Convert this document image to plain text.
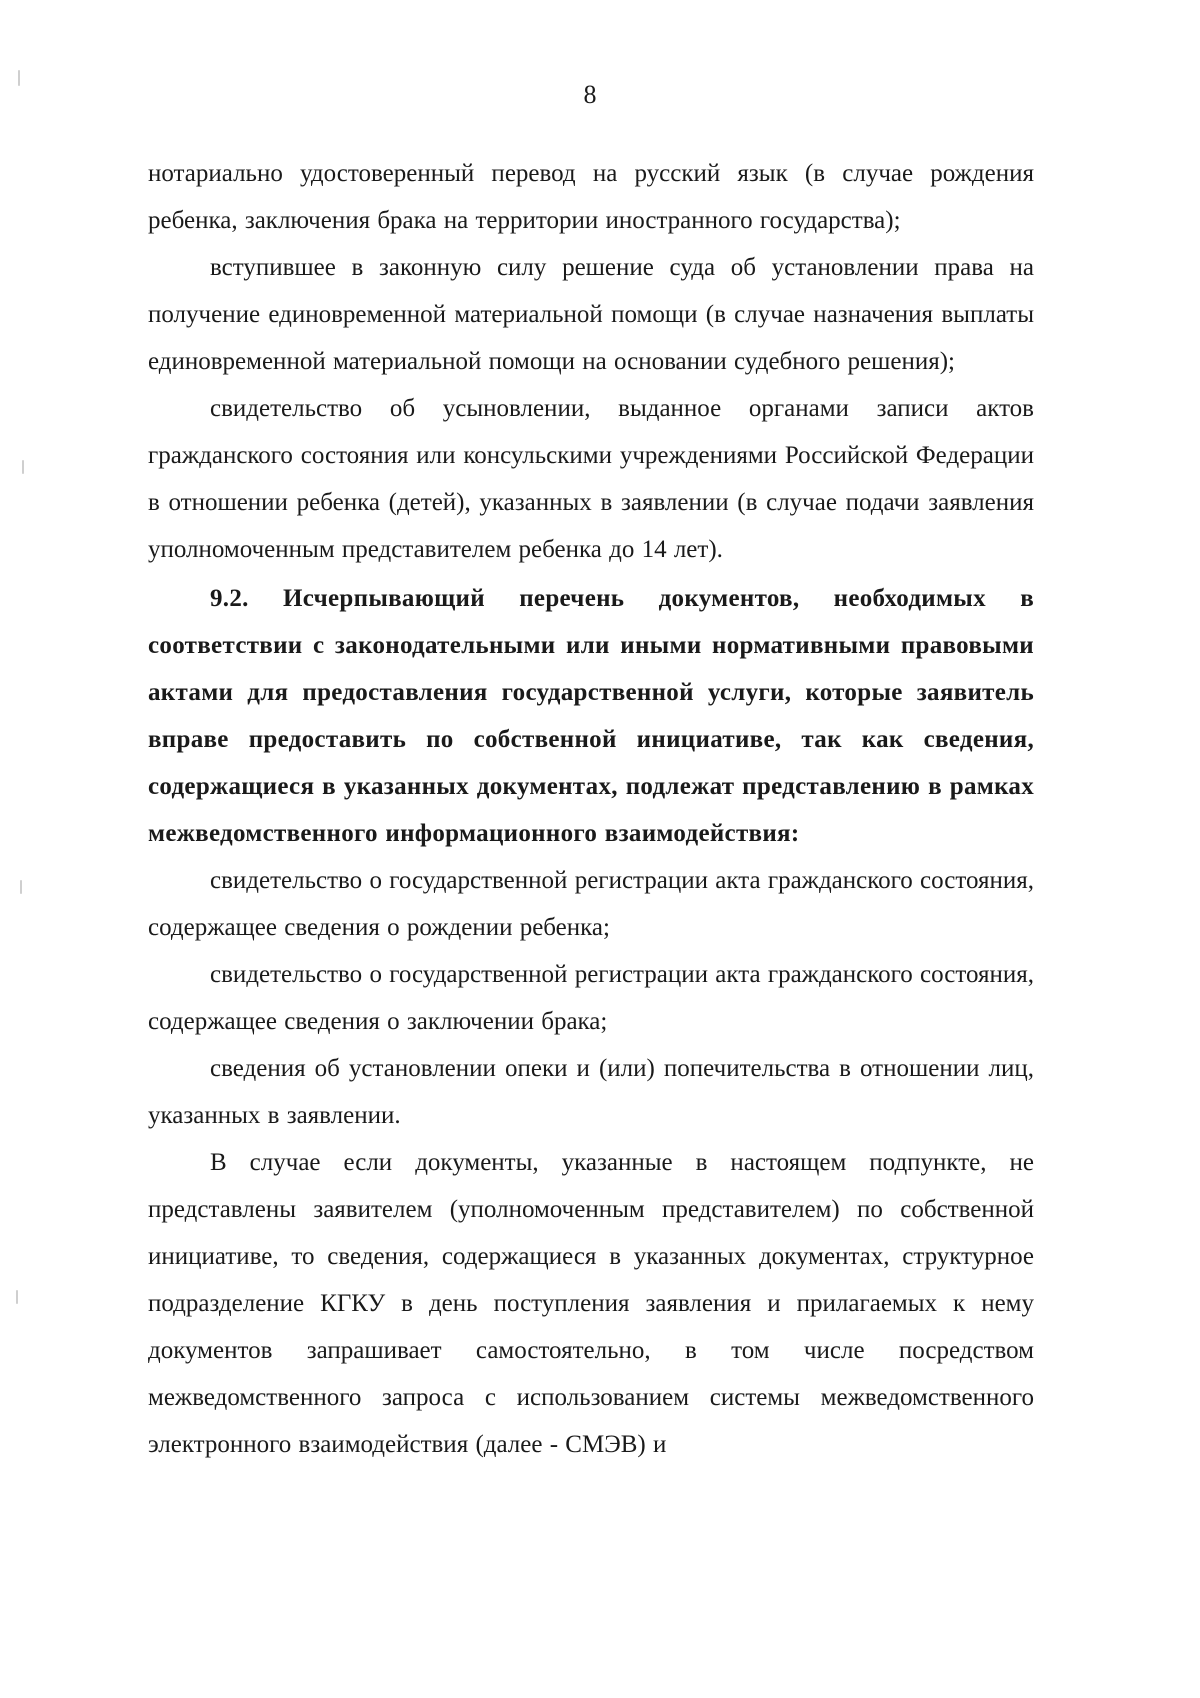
8

нотариально удостоверенный перевод на русский язык (в случае рождения ребенка, заключения брака на территории иностранного государства);

вступившее в законную силу решение суда об установлении права на получение единовременной материальной помощи (в случае назначения выплаты единовременной материальной помощи на основании судебного решения);

свидетельство об усыновлении, выданное органами записи актов гражданского состояния или консульскими учреждениями Российской Федерации в отношении ребенка (детей), указанных в заявлении (в случае подачи заявления уполномоченным представителем ребенка до 14 лет).

9.2. Исчерпывающий перечень документов, необходимых в соответствии с законодательными или иными нормативными правовыми актами для предоставления государственной услуги, которые заявитель вправе предоставить по собственной инициативе, так как сведения, содержащиеся в указанных документах, подлежат представлению в рамках межведомственного информационного взаимодействия:

свидетельство о государственной регистрации акта гражданского состояния, содержащее сведения о рождении ребенка;

свидетельство о государственной регистрации акта гражданского состояния, содержащее сведения о заключении брака;

сведения об установлении опеки и (или) попечительства в отношении лиц, указанных в заявлении.

В случае если документы, указанные в настоящем подпункте, не представлены заявителем (уполномоченным представителем) по собственной инициативе, то сведения, содержащиеся в указанных документах, структурное подразделение КГКУ в день поступления заявления и прилагаемых к нему документов запрашивает самостоятельно, в том числе посредством межведомственного запроса с использованием системы межведомственного электронного взаимодействия (далее - СМЭВ) и
